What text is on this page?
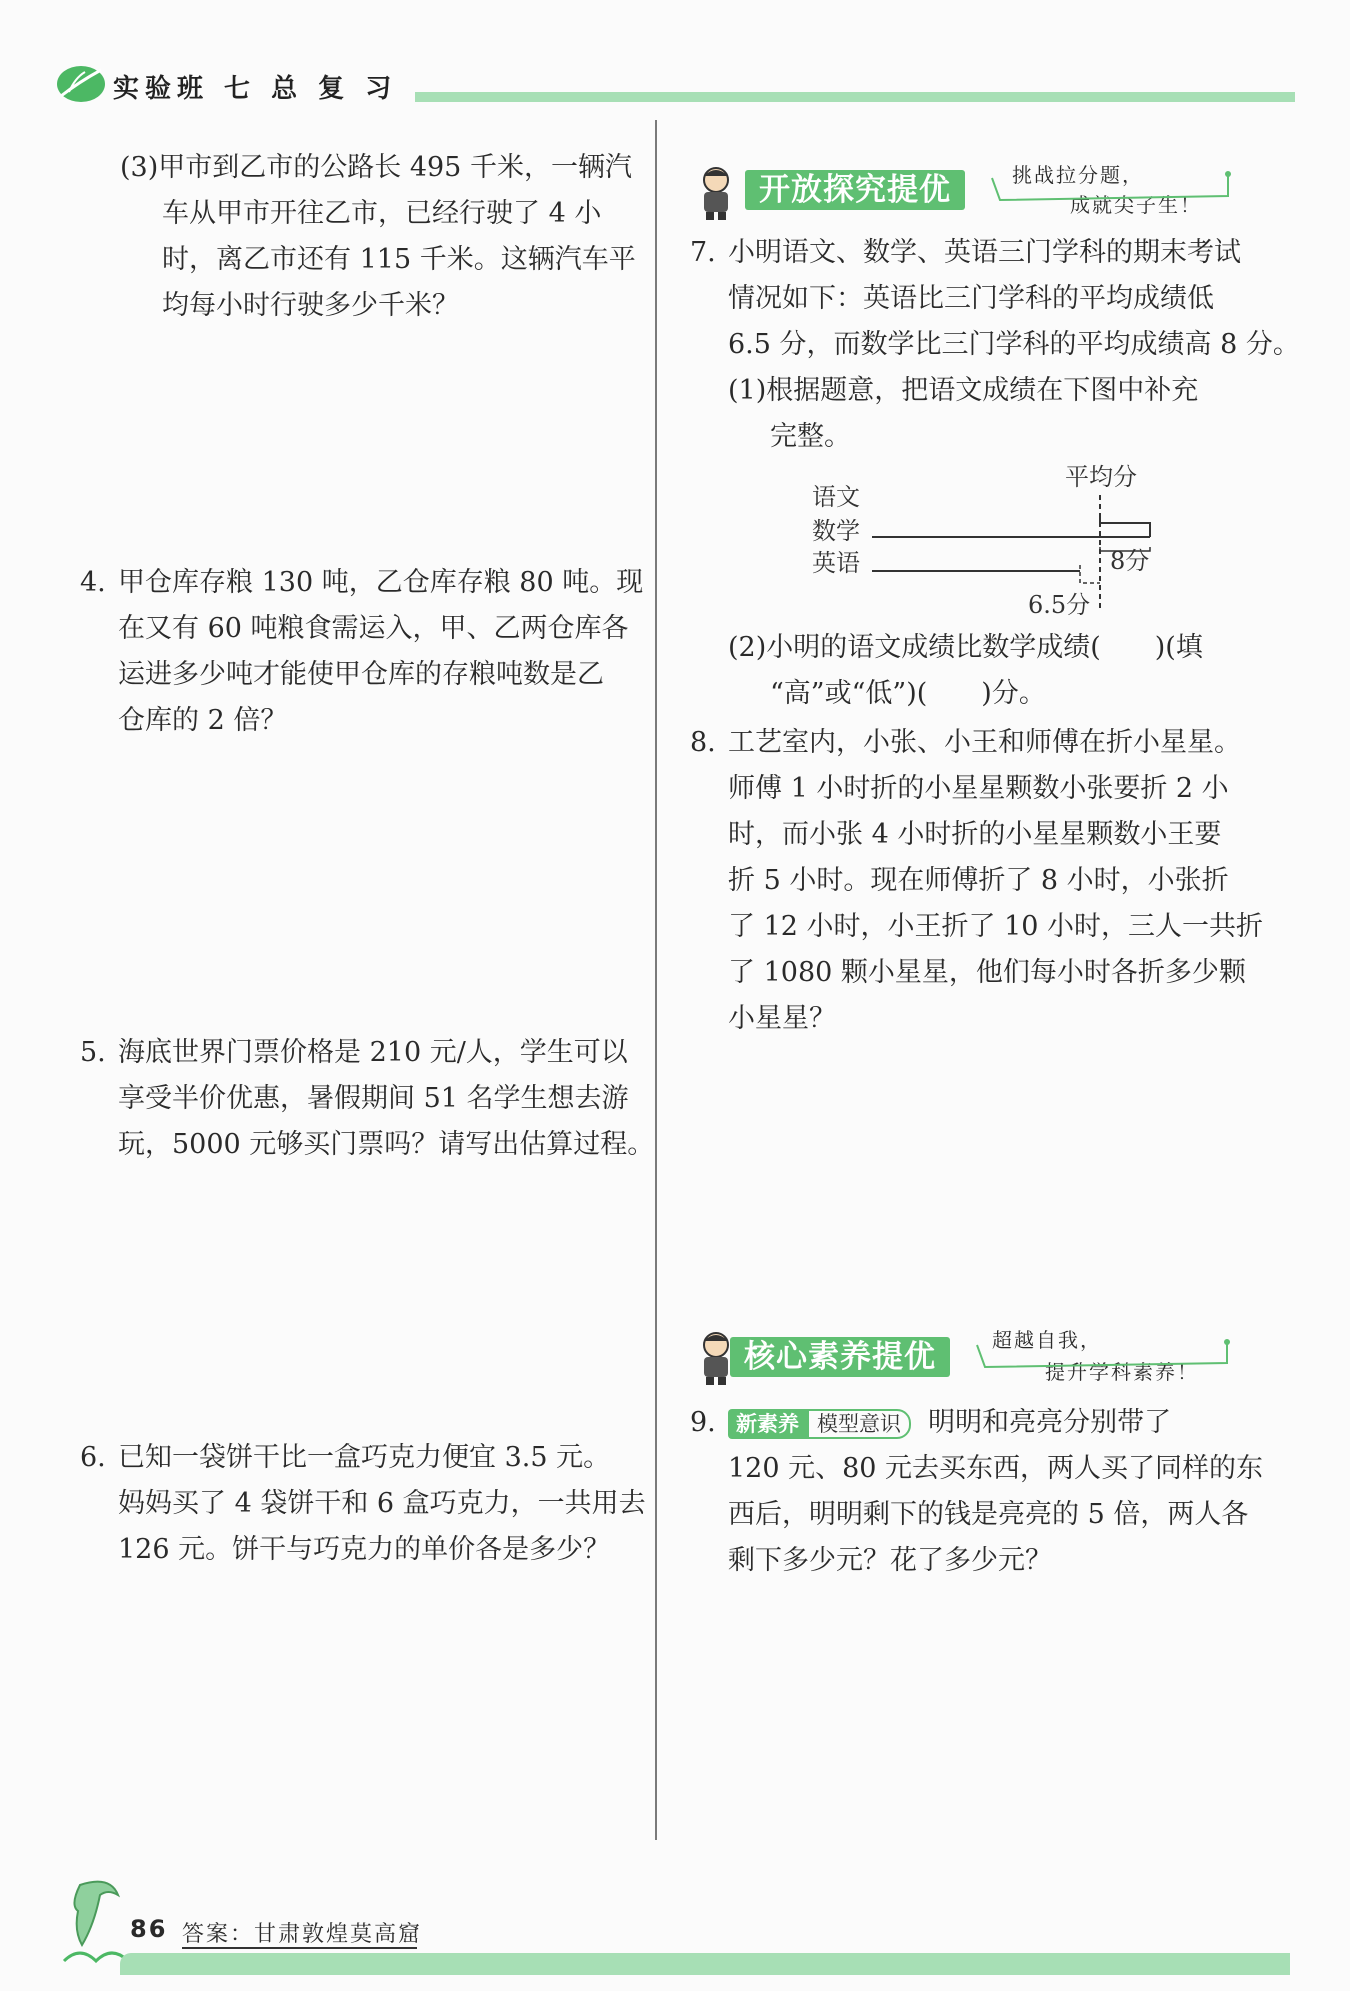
实验班 七 总 复 习
(3)甲市到乙市的公路长 495 千米，一辆汽
车从甲市开往乙市，已经行驶了 4 小
时，离乙市还有 115 千米。这辆汽车平
均每小时行驶多少千米？
4. 甲仓库存粮 130 吨，乙仓库存粮 80 吨。现
在又有 60 吨粮食需运入，甲、乙两仓库各
运进多少吨才能使甲仓库的存粮吨数是乙
仓库的 2 倍？
5. 海底世界门票价格是 210 元/人，学生可以
享受半价优惠，暑假期间 51 名学生想去游
玩，5000 元够买门票吗？请写出估算过程。
6. 已知一袋饼干比一盒巧克力便宜 3.5 元。
妈妈买了 4 袋饼干和 6 盒巧克力，一共用去
126 元。饼干与巧克力的单价各是多少？
开放探究提优	挑战拉分题，
成就尖子生！
7. 小明语文、数学、英语三门学科的期末考试
情况如下：英语比三门学科的平均成绩低
6.5 分，而数学比三门学科的平均成绩高 8 分。
(1)根据题意，把语文成绩在下图中补充
完整。
平均分
语文
数学
英语	8分
6.5分
(2)小明的语文成绩比数学成绩(　　)(填
“高”或“低”)(　　)分。
8. 工艺室内，小张、小王和师傅在折小星星。
师傅 1 小时折的小星星颗数小张要折 2 小
时，而小张 4 小时折的小星星颗数小王要
折 5 小时。现在师傅折了 8 小时，小张折
了 12 小时，小王折了 10 小时，三人一共折
了 1080 颗小星星，他们每小时各折多少颗
小星星？
核心素养提优	超越自我，
提升学科素养！
9. 新素养 模型意识 明明和亮亮分别带了
120 元、80 元去买东西，两人买了同样的东
西后，明明剩下的钱是亮亮的 5 倍，两人各
剩下多少元？花了多少元？
86 答案：甘肃敦煌莫高窟
